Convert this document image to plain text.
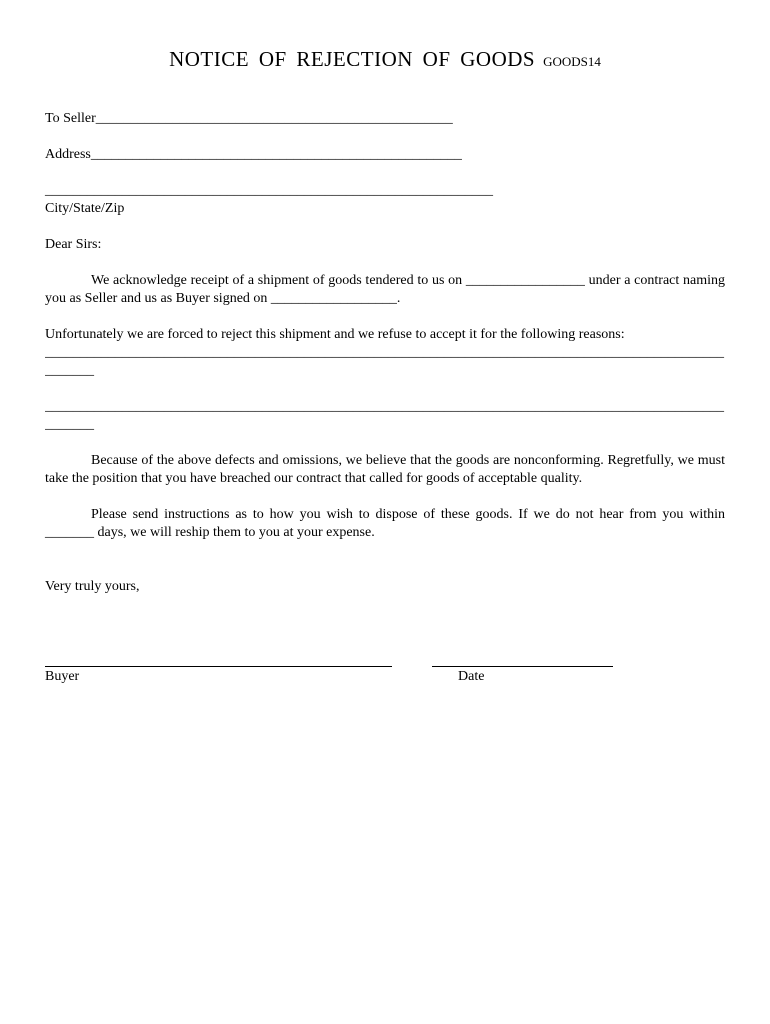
NOTICE OF REJECTION OF GOODS GOODS14
To Seller___________________________________________________
Address_____________________________________________________
________________________________________________________________
City/State/Zip
Dear Sirs:

We acknowledge receipt of a shipment of goods tendered to us on _________________ under a contract naming you as Seller and us as Buyer signed on __________________.

Unfortunately we are forced to reject this shipment and we refuse to accept it for the following reasons:

________________________________________________________________________________________________________

________________________________________________________________________________________________________

Because of the above defects and omissions, we believe that the goods are nonconforming. Regretfully, we must take the position that you have breached our contract that called for goods of acceptable quality.

Please send instructions as to how you wish to dispose of these goods. If we do not hear from you within _______ days, we will reship them to you at your expense.

Very truly yours,
Buyer	Date
